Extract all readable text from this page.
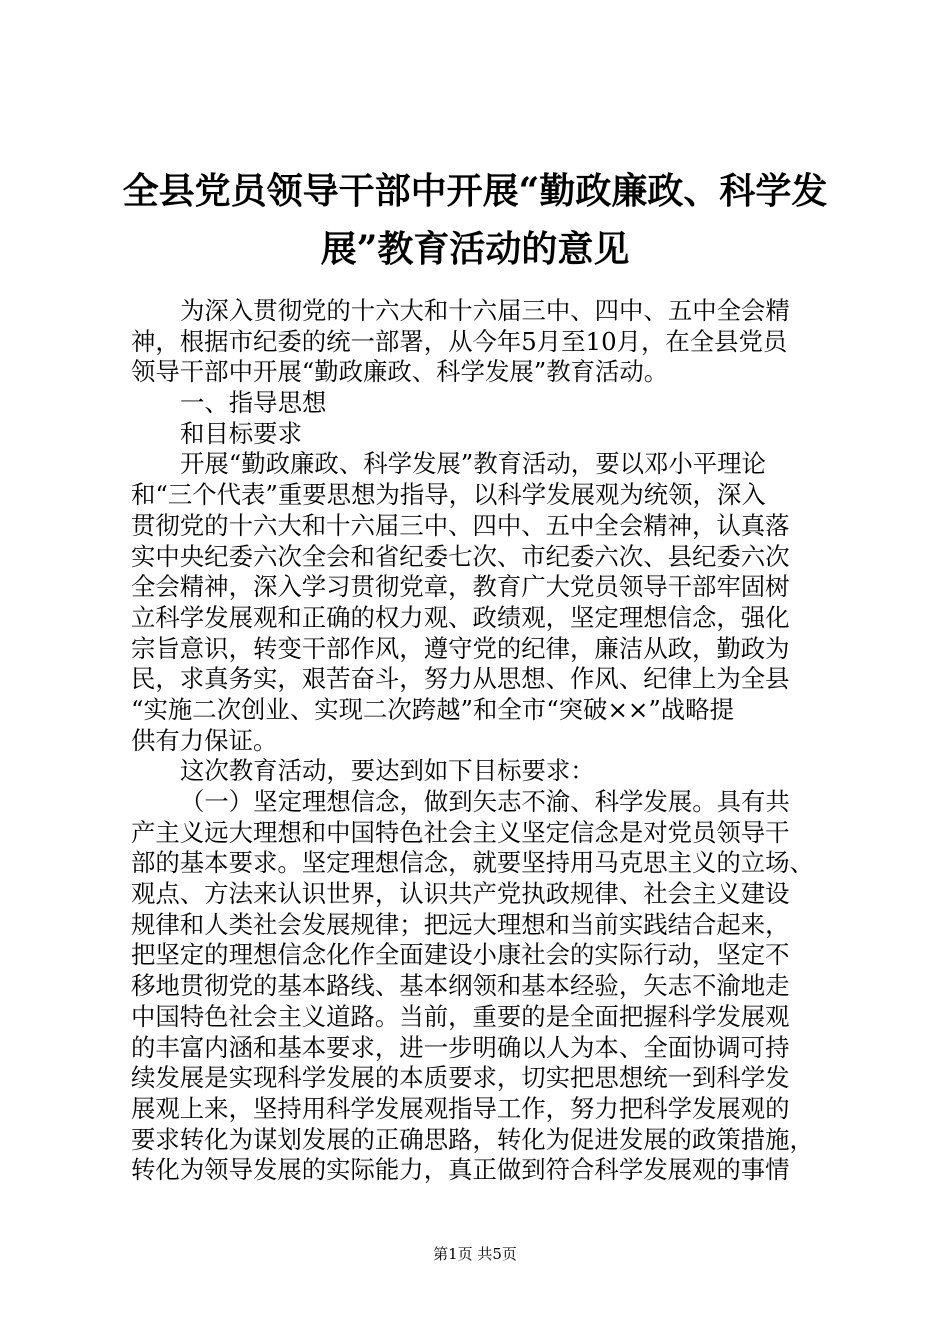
全县党员领导干部中开展“勤政廉政、科学发
展”教育活动的意见
为深入贯彻党的十六大和十六届三中、四中、五中全会精
神，根据市纪委的统一部署，从今年5月至10月，在全县党员
领导干部中开展“勤政廉政、科学发展”教育活动。
一、指导思想
和目标要求
开展“勤政廉政、科学发展”教育活动，要以邓小平理论
和“三个代表”重要思想为指导，以科学发展观为统领，深入
贯彻党的十六大和十六届三中、四中、五中全会精神，认真落
实中央纪委六次全会和省纪委七次、市纪委六次、县纪委六次
全会精神，深入学习贯彻党章，教育广大党员领导干部牢固树
立科学发展观和正确的权力观、政绩观，坚定理想信念，强化
宗旨意识，转变干部作风，遵守党的纪律，廉洁从政，勤政为
民，求真务实，艰苦奋斗，努力从思想、作风、纪律上为全县
“实施二次创业、实现二次跨越”和全市“突破××”战略提
供有力保证。
这次教育活动，要达到如下目标要求：
（一）坚定理想信念，做到矢志不渝、科学发展。具有共
产主义远大理想和中国特色社会主义坚定信念是对党员领导干
部的基本要求。坚定理想信念，就要坚持用马克思主义的立场、
观点、方法来认识世界，认识共产党执政规律、社会主义建设
规律和人类社会发展规律；把远大理想和当前实践结合起来，
把坚定的理想信念化作全面建设小康社会的实际行动，坚定不
移地贯彻党的基本路线、基本纲领和基本经验，矢志不渝地走
中国特色社会主义道路。当前，重要的是全面把握科学发展观
的丰富内涵和基本要求，进一步明确以人为本、全面协调可持
续发展是实现科学发展的本质要求，切实把思想统一到科学发
展观上来，坚持用科学发展观指导工作，努力把科学发展观的
要求转化为谋划发展的正确思路，转化为促进发展的政策措施，
转化为领导发展的实际能力，真正做到符合科学发展观的事情
第1页 共5页
